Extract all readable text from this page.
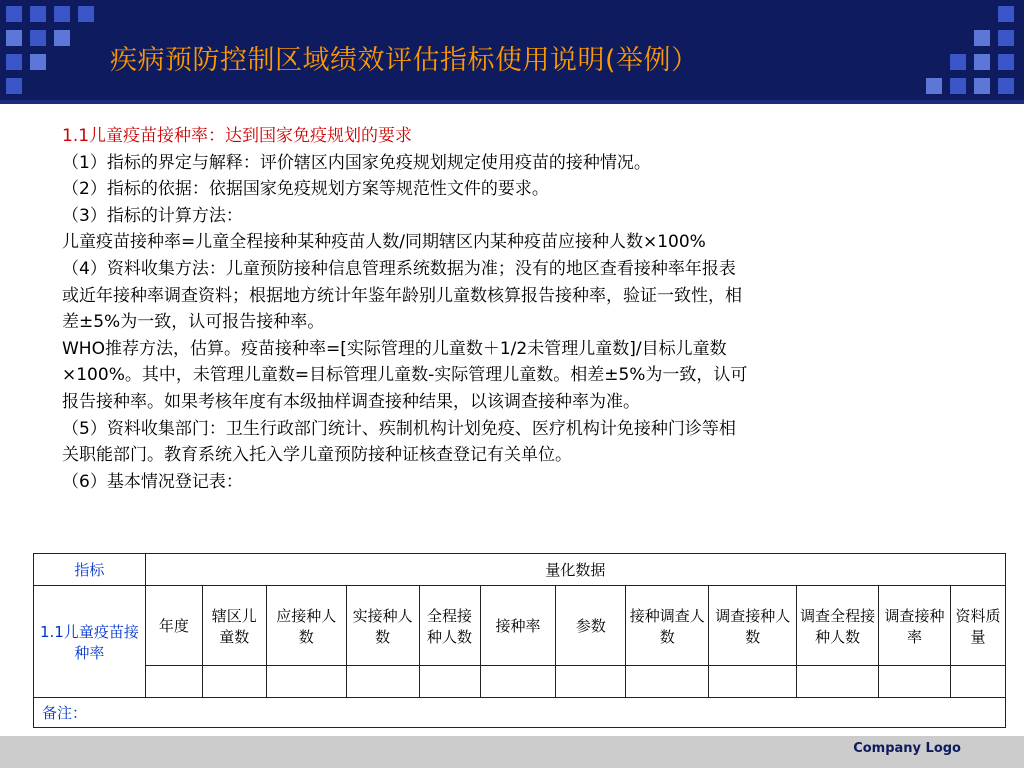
疾病预防控制区域绩效评估指标使用说明(举例）
1.1儿童疫苗接种率：达到国家免疫规划的要求
（1）指标的界定与解释：评价辖区内国家免疫规划规定使用疫苗的接种情况。
（2）指标的依据：依据国家免疫规划方案等规范性文件的要求。
（3）指标的计算方法：
儿童疫苗接种率=儿童全程接种某种疫苗人数/同期辖区内某种疫苗应接种人数×100%
（4）资料收集方法：儿童预防接种信息管理系统数据为准；没有的地区查看接种率年报表
或近年接种率调查资料；根据地方统计年鉴年龄别儿童数核算报告接种率，验证一致性，相
差±5%为一致，认可报告接种率。
WHO推荐方法，估算。疫苗接种率=[实际管理的儿童数＋1/2未管理儿童数]/目标儿童数
×100%。其中，未管理儿童数=目标管理儿童数-实际管理儿童数。相差±5%为一致，认可
报告接种率。如果考核年度有本级抽样调查接种结果，以该调查接种率为准。
（5）资料收集部门：卫生行政部门统计、疾制机构计划免疫、医疗机构计免接种门诊等相
关职能部门。教育系统入托入学儿童预防接种证核查登记有关单位。
（6）基本情况登记表：
指标	量化数据											
1.1儿童疫苗接种率	年度	辖区儿童数	应接种人数	实接种人数	全程接种人数	接种率	参数	接种调查人数	调查接种人数	调查全程接种人数	调查接种率	资料质量

备注：												
Company Logo
